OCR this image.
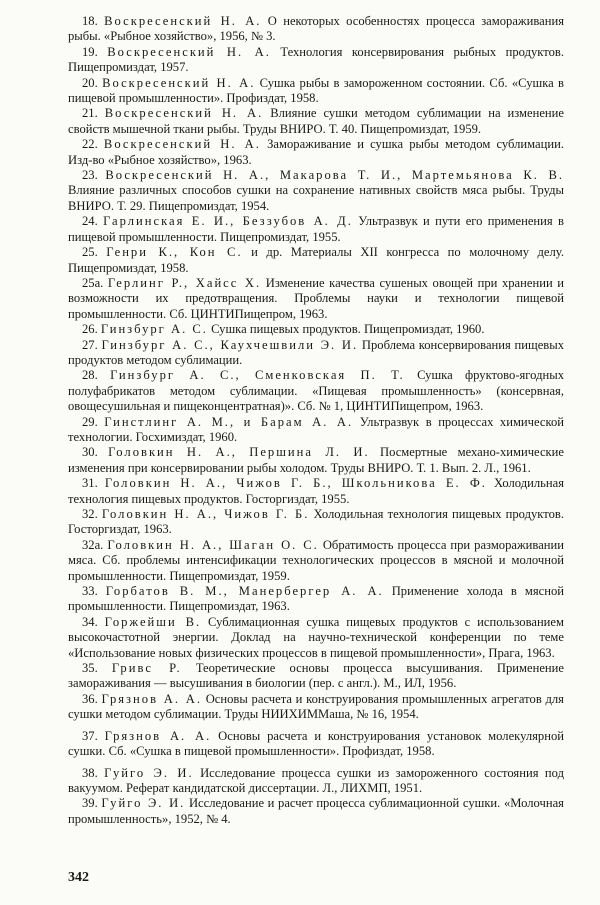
18. Воскресенский Н. А. О некоторых особенностях процесса замораживания рыбы. «Рыбное хозяйство», 1956, № 3.

19. Воскресенский Н. А. Технология консервирования рыбных продуктов. Пищепромиздат, 1957.

20. Воскресенский Н. А. Сушка рыбы в замороженном состоянии. Сб. «Сушка в пищевой промышленности». Профиздат, 1958.

21. Воскресенский Н. А. Влияние сушки методом сублимации на изменение свойств мышечной ткани рыбы. Труды ВНИРО. Т. 40. Пищепромиздат, 1959.

22. Воскресенский Н. А. Замораживание и сушка рыбы методом сублимации. Изд-во «Рыбное хозяйство», 1963.

23. Воскресенский Н. А., Макарова Т. И., Мартемьянова К. В. Влияние различных способов сушки на сохранение нативных свойств мяса рыбы. Труды ВНИРО. Т. 29. Пищепромиздат, 1954.

24. Гарлинская Е. И., Беззубов А. Д. Ультразвук и пути его применения в пищевой промышленности. Пищепромиздат, 1955.

25. Генри К., Кон С. и др. Материалы XII конгресса по молочному делу. Пищепромиздат, 1958.

25а. Герлинг Р., Хайсс Х. Изменение качества сушеных овощей при хранении и возможности их предотвращения. Проблемы науки и технологии пищевой промышленности. Сб. ЦИНТИПищепром, 1963.

26. Гинзбург А. С. Сушка пищевых продуктов. Пищепромиздат, 1960.

27. Гинзбург А. С., Каухчешвили Э. И. Проблема консервирования пищевых продуктов методом сублимации.

28. Гинзбург А. С., Сменковская П. Т. Сушка фруктово-ягодных полуфабрикатов методом сублимации. «Пищевая промышленность» (консервная, овощесушильная и пищеконцентратная)». Сб. № 1, ЦИНТИПищепром, 1963.

29. Гинстлинг А. М., и Барам А. А. Ультразвук в процессах химической технологии. Госхимиздат, 1960.

30. Головкин Н. А., Першина Л. И. Посмертные механо-химические изменения при консервировании рыбы холодом. Труды ВНИРО. Т. 1. Вып. 2. Л., 1961.

31. Головкин Н. А., Чижов Г. Б., Школьникова Е. Ф. Холодильная технология пищевых продуктов. Госторгиздат, 1955.

32. Головкин Н. А., Чижов Г. Б. Холодильная технология пищевых продуктов. Госторгиздат, 1963.

32а. Головкин Н. А., Шаган О. С. Обратимость процесса при размораживании мяса. Сб. проблемы интенсификации технологических процессов в мясной и молочной промышленности. Пищепромиздат, 1959.

33. Горбатов В. М., Манербергер А. А. Применение холода в мясной промышленности. Пищепромиздат, 1963.

34. Горжейши В. Сублимационная сушка пищевых продуктов с использованием высокочастотной энергии. Доклад на научно-технической конференции по теме «Использование новых физических процессов в пищевой промышленности», Прага, 1963.

35. Гривс Р. Теоретические основы процесса высушивания. Применение замораживания — высушивания в биологии (пер. с англ.). М., ИЛ, 1956.

36. Грязнов А. А. Основы расчета и конструирования промышленных агрегатов для сушки методом сублимации. Труды НИИХИММаша, № 16, 1954.

37. Грязнов А. А. Основы расчета и конструирования установок молекулярной сушки. Сб. «Сушка в пищевой промышленности». Профиздат, 1958.

38. Гуйго Э. И. Исследование процесса сушки из замороженного состояния под вакуумом. Реферат кандидатской диссертации. Л., ЛИХМП, 1951.

39. Гуйго Э. И. Исследование и расчет процесса сублимационной сушки. «Молочная промышленность», 1952, № 4.

342
